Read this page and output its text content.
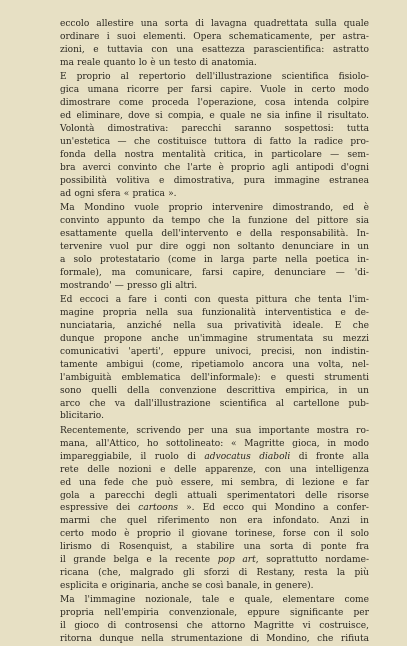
eccolo allestire una sorta di lavagna quadrettata sulla quale
ordinare i suoi elementi. Opera schematicamente, per astra-
zioni, e tuttavia con una esattezza parascientifica: astratto
ma reale quanto lo è un testo di anatomia.

E proprio al repertorio dell'illustrazione scientifica fisiolo-
gica umana ricorre per farsi capire. Vuole in certo modo
dimostrare come proceda l'operazione, cosa intenda colpire
ed eliminare, dove si compia, e quale ne sia infine il risultato.
Volontà dimostrativa: parecchi saranno sospettosi: tutta
un'estetica — che costituisce tuttora di fatto la radice pro-
fonda della nostra mentalità critica, in particolare — sem-
bra averci convinto che l'arte è proprio agli antipodi d'ogni
possibilità volitiva e dimostrativa, pura immagine estranea
ad ogni sfera « pratica ».

Ma Mondino vuole proprio intervenire dimostrando, ed è
convinto appunto da tempo che la funzione del pittore sia
esattamente quella dell'intervento e della responsabilità. In-
tervenire vuol pur dire oggi non soltanto denunciare in un
a solo protestatario (come in larga parte nella poetica in-
formale), ma comunicare, farsi capire, denunciare — 'di-
mostrando' — presso gli altri.

Ed eccoci a fare i conti con questa pittura che tenta l'im-
magine propria nella sua funzionalità interventistica e de-
nunciataria, anziché nella sua privatività ideale. E che
dunque propone anche un'immagine strumentata su mezzi
comunicativi 'aperti', eppure univoci, precisi, non indistin-
tamente ambigui (come, ripetiamolo ancora una volta, nel-
l'ambiguità emblematica dell'informale): e questi strumenti
sono quelli della convenzione descrittiva empirica, in un
arco che va dall'illustrazione scientifica al cartellone pub-
blicitario.

Recentemente, scrivendo per una sua importante mostra ro-
mana, all'Attico, ho sottolineato: « Magritte gioca, in modo
impareggiabile, il ruolo di advocatus diaboli di fronte alla
rete delle nozioni e delle apparenze, con una intelligenza
ed una fede che può essere, mi sembra, di lezione e far
gola a parecchi degli attuali sperimentatori delle risorse
espressive dei cartoons ». Ed ecco qui Mondino a confer-
marmi che quel riferimento non era infondato. Anzi in
certo modo è proprio il giovane torinese, forse con il solo
lirismo di Rosenquist, a stabilire una sorta di ponte fra
il grande belga e la recente pop art, soprattutto nordame-
ricana (che, malgrado gli sforzi di Restany, resta la più
esplicita e originaria, anche se così banale, in genere).

Ma l'immagine nozionale, tale e quale, elementare come
propria nell'empiria convenzionale, eppure significante per
il gioco di controsensi che attorno Magritte vi costruisce,
ritorna dunque nella strumentazione di Mondino, che rifiuta
